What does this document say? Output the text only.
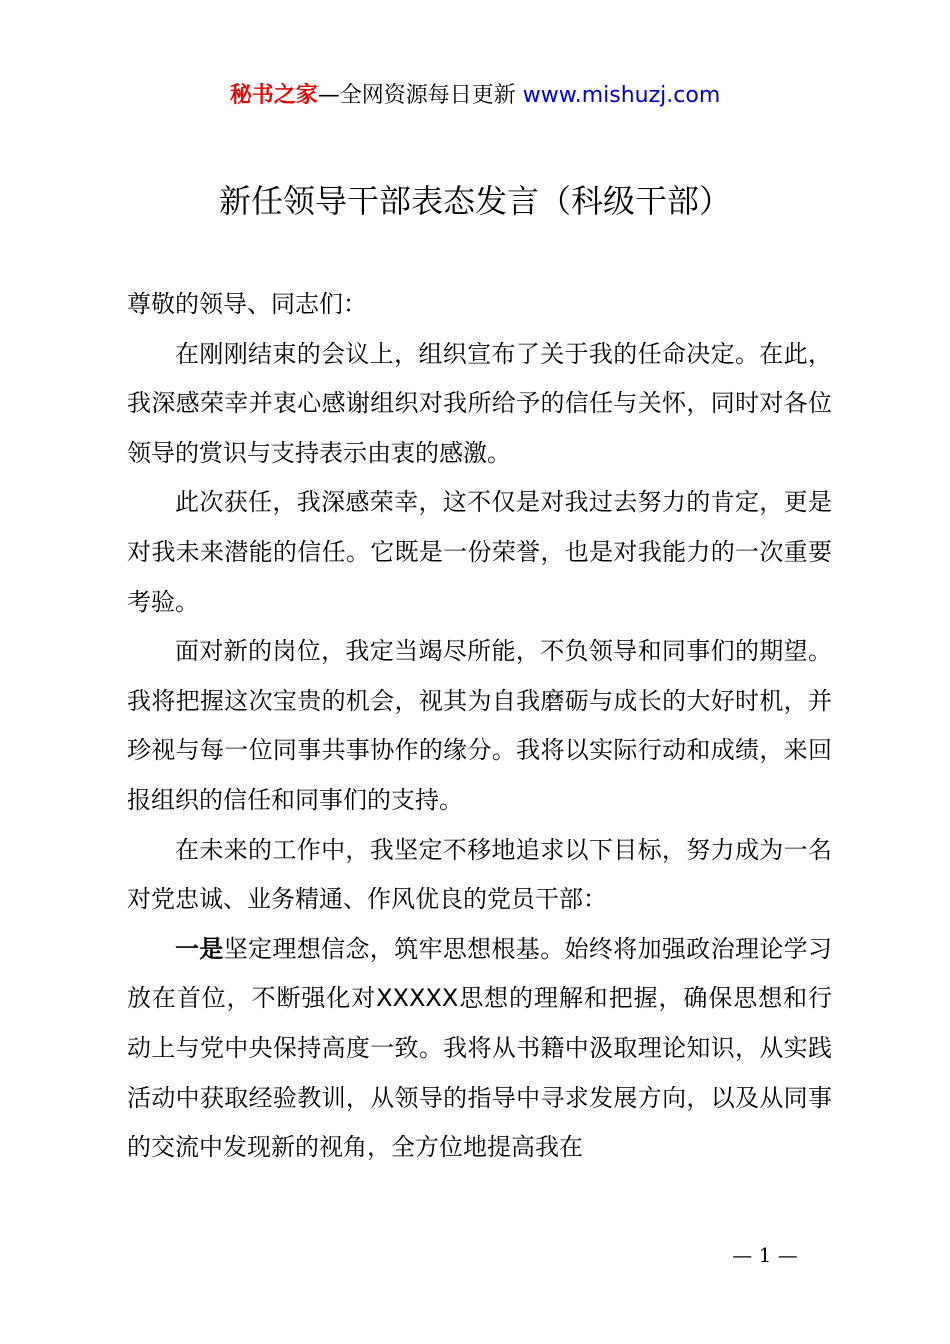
秘书之家—全网资源每日更新 www.mishuzj.com
新任领导干部表态发言（科级干部）

尊敬的领导、同志们：

在刚刚结束的会议上，组织宣布了关于我的任命决定。在此，我深感荣幸并衷心感谢组织对我所给予的信任与关怀，同时对各位领导的赏识与支持表示由衷的感激。

此次获任，我深感荣幸，这不仅是对我过去努力的肯定，更是对我未来潜能的信任。它既是一份荣誉，也是对我能力的一次重要考验。

面对新的岗位，我定当竭尽所能，不负领导和同事们的期望。我将把握这次宝贵的机会，视其为自我磨砺与成长的大好时机，并珍视与每一位同事共事协作的缘分。我将以实际行动和成绩，来回报组织的信任和同事们的支持。

在未来的工作中，我坚定不移地追求以下目标，努力成为一名对党忠诚、业务精通、作风优良的党员干部：

一是坚定理想信念，筑牢思想根基。始终将加强政治理论学习放在首位，不断强化对XXXXX思想的理解和把握，确保思想和行动上与党中央保持高度一致。我将从书籍中汲取理论知识，从实践活动中获取经验教训，从领导的指导中寻求发展方向，以及从同事的交流中发现新的视角，全方位地提高我在

— 1 —
